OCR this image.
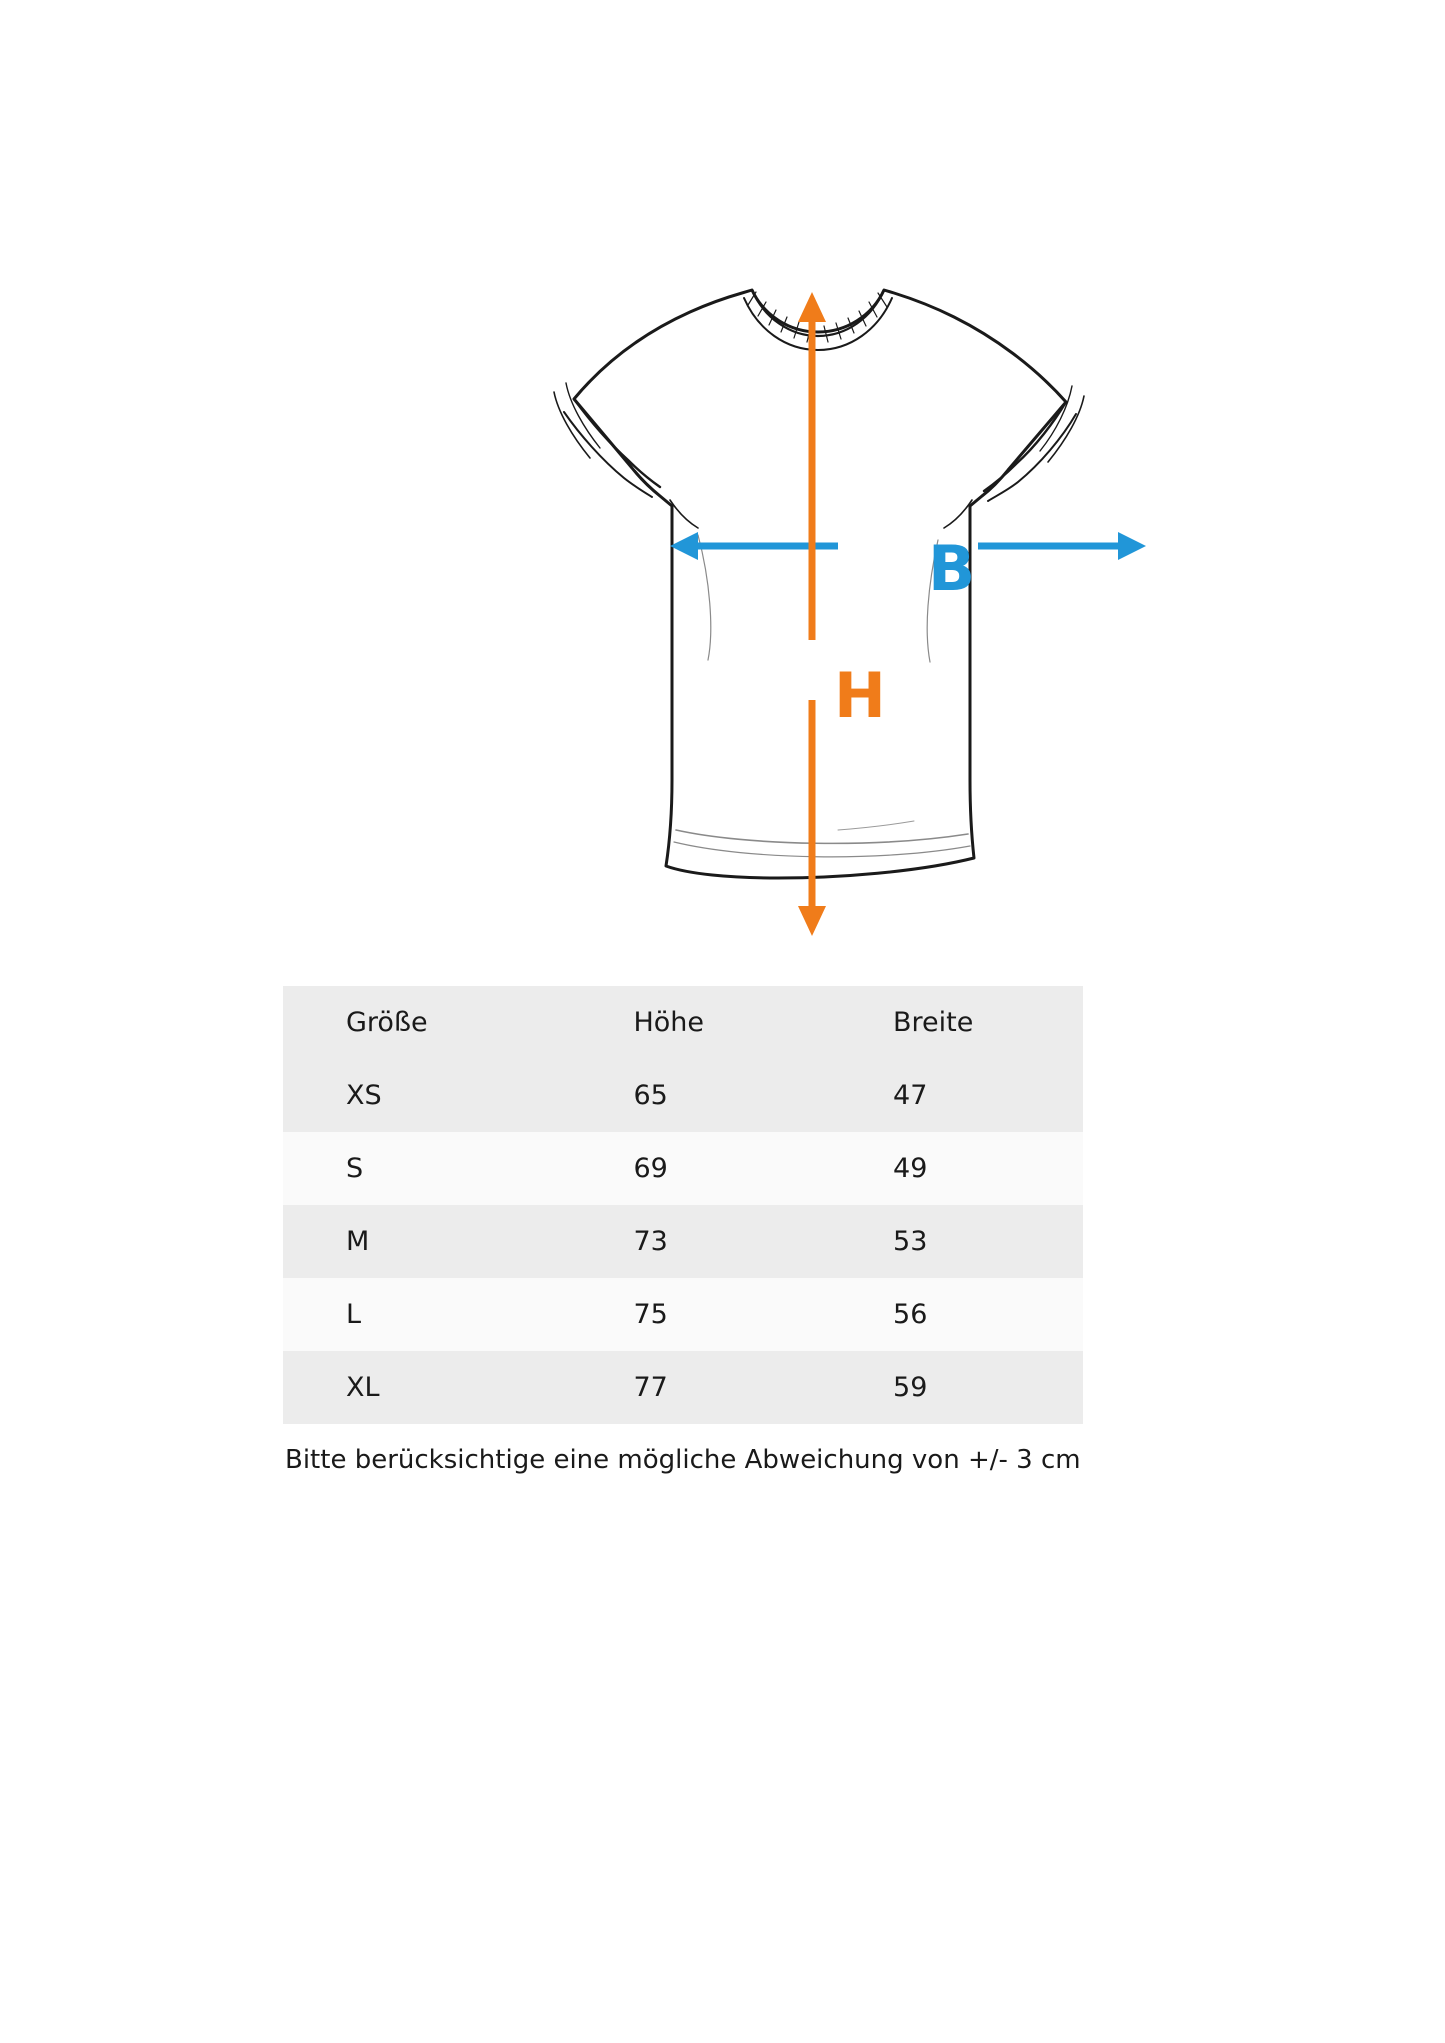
B
H
Größe	Höhe	Breite
XS	65	47
S	69	49
M	73	53
L	75	56
XL	77	59
Bitte berücksichtige eine mögliche Abweichung von +/- 3 cm
